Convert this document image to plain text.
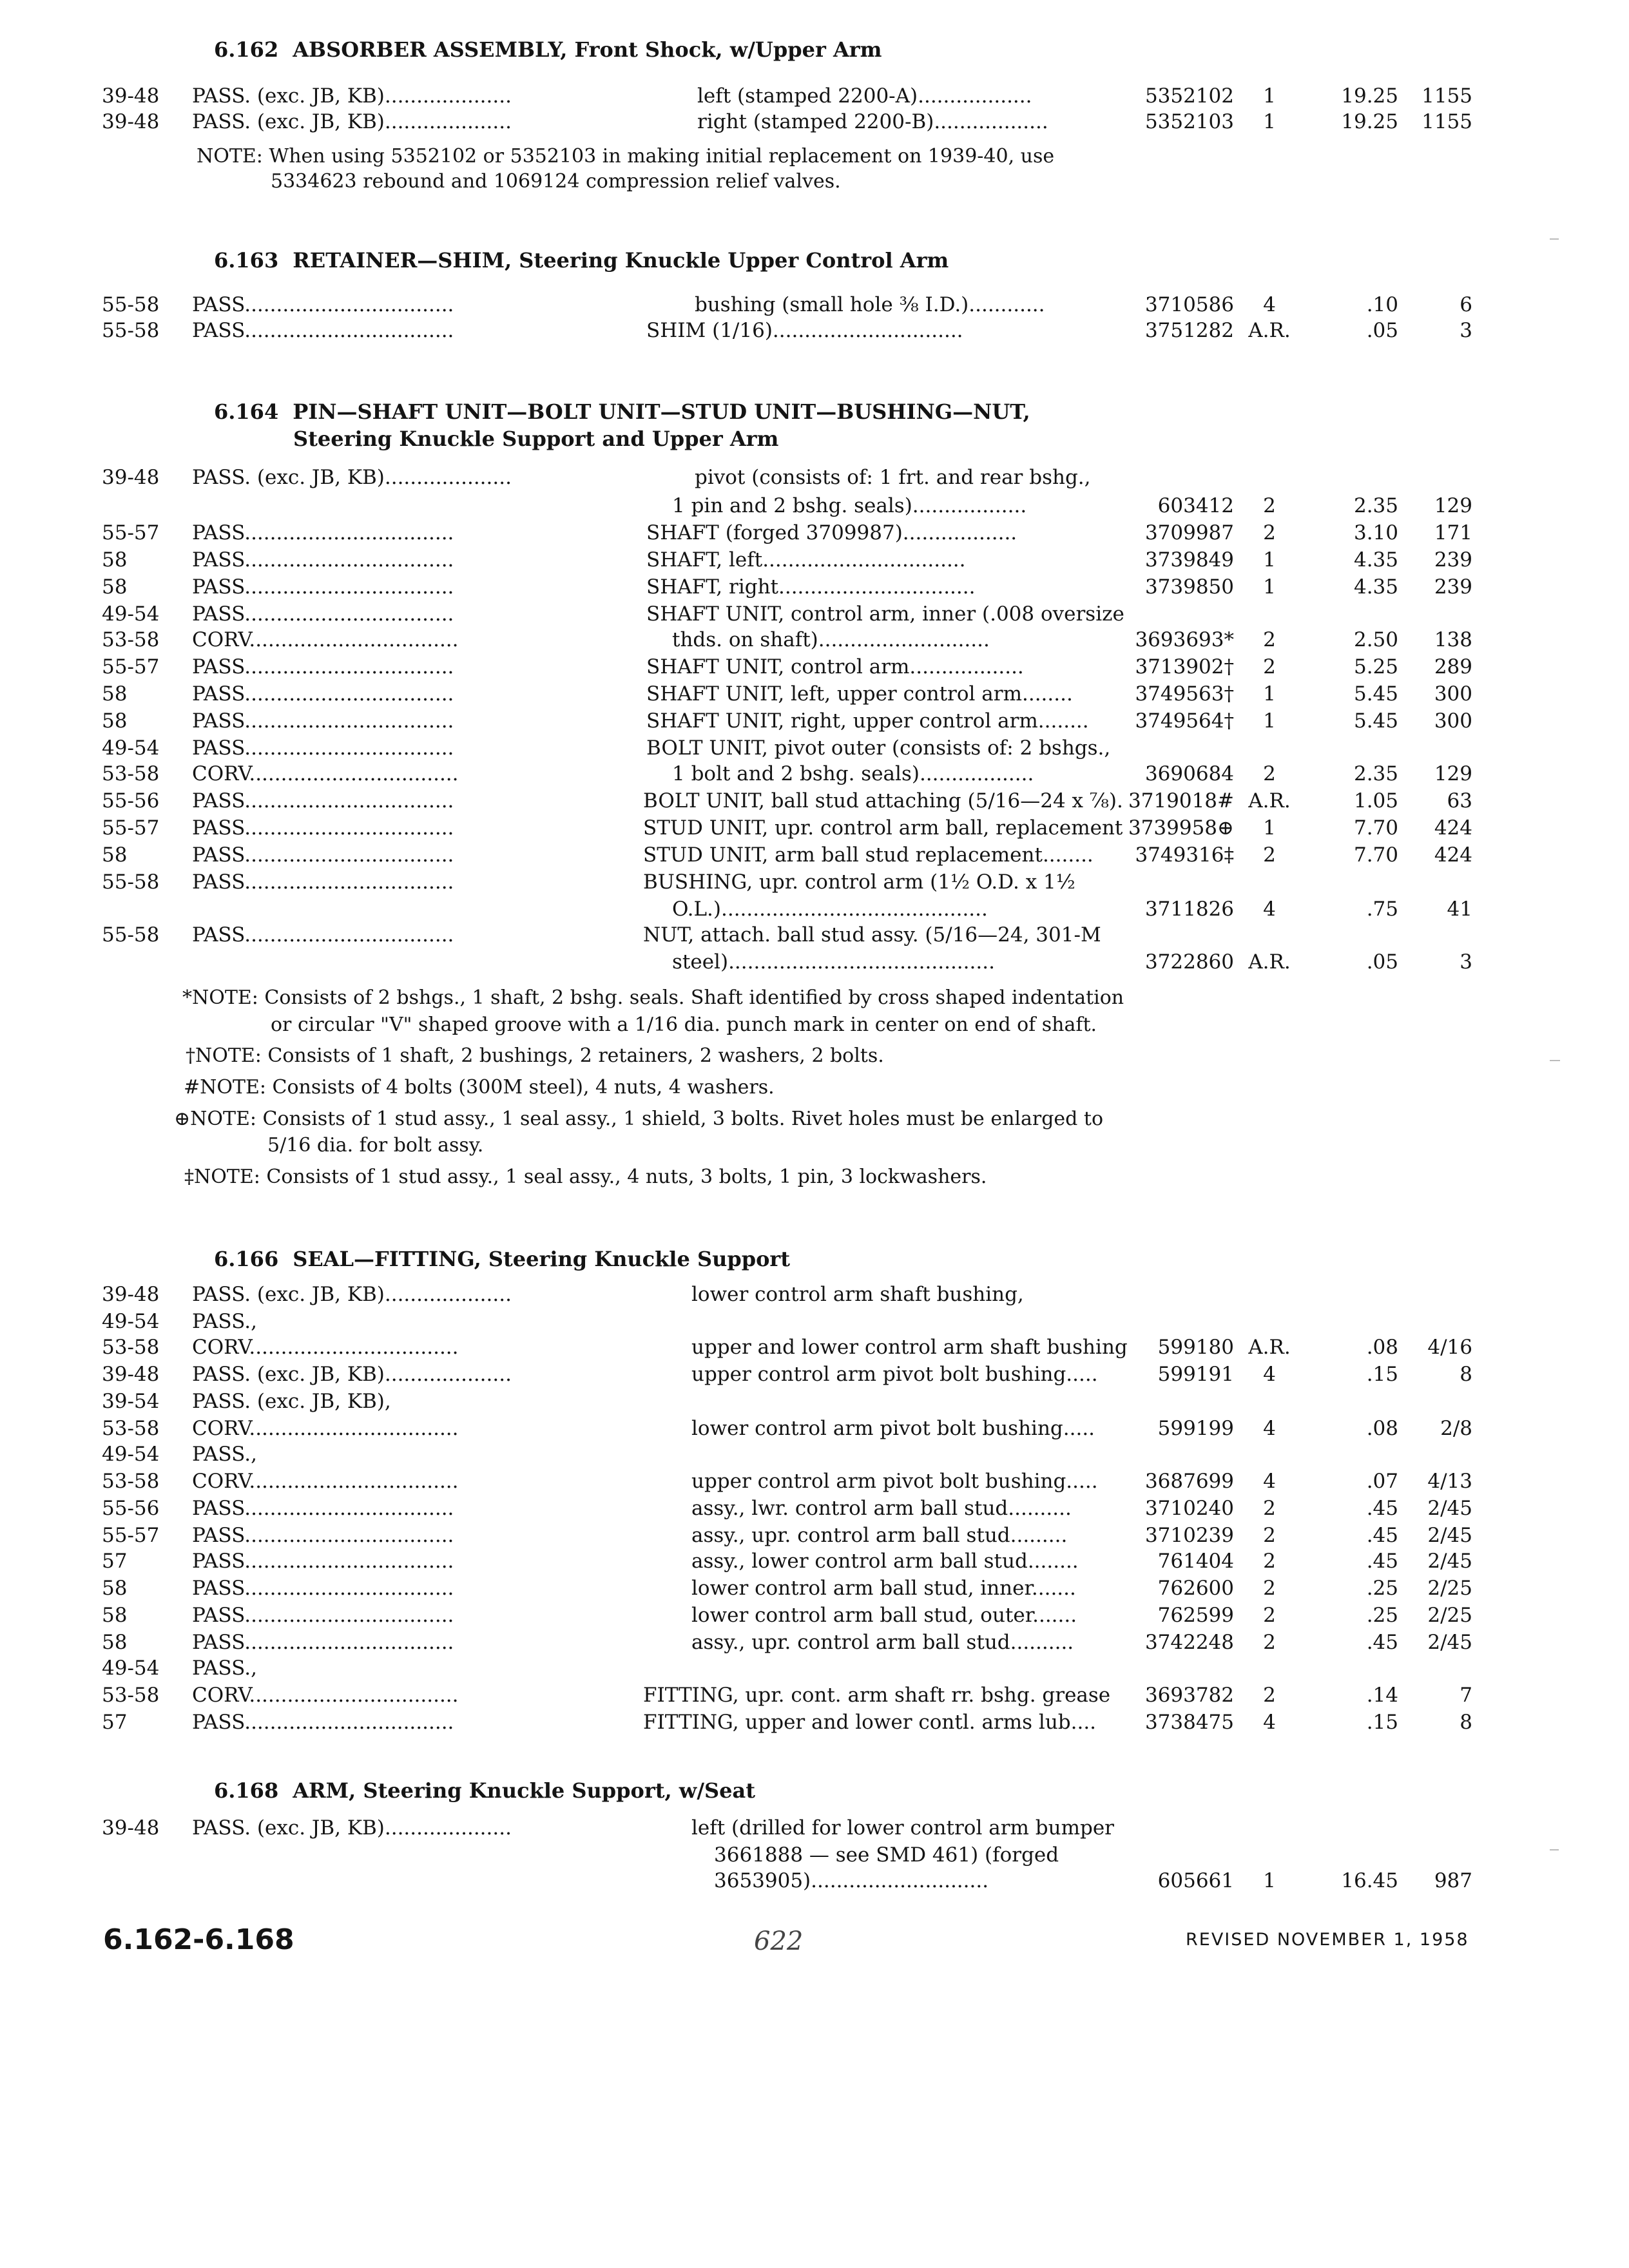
6.162 ABSORBER ASSEMBLY, Front Shock, w/Upper Arm
6.163 RETAINER—SHIM, Steering Knuckle Upper Control Arm
6.164 PIN—SHAFT UNIT—BOLT UNIT—STUD UNIT—BUSHING—NUT,
Steering Knuckle Support and Upper Arm
6.166 SEAL—FITTING, Steering Knuckle Support
6.168 ARM, Steering Knuckle Support, w/Seat
39-48	PASS. (exc. JB, KB)....................	left (stamped 2200-A)..................	5352102	1	19.25	1155
39-48	PASS. (exc. JB, KB)....................	right (stamped 2200-B)..................	5352103	1	19.25	1155
55-58	PASS.................................	bushing (small hole ⅜ I.D.)............	3710586	4	.10	6
55-58	PASS.................................	SHIM (1/16)..............................	3751282 A.R.	.05	3
39-48	PASS. (exc. JB, KB)....................	pivot (consists of: 1 frt. and rear bshg.,
1 pin and 2 bshg. seals)..................	603412	2	2.35	129
55-57	PASS.................................	SHAFT (forged 3709987)..................	3709987	2	3.10	171
58	PASS.................................	SHAFT, left................................	3739849	1	4.35	239
58	PASS.................................	SHAFT, right...............................	3739850	1	4.35	239
49-54	PASS.................................	SHAFT UNIT, control arm, inner (.008 oversize
53-58	CORV.................................	thds. on shaft)...........................	3693693*	2	2.50	138
55-57	PASS.................................	SHAFT UNIT, control arm..................	3713902†	2	5.25	289
58	PASS.................................	SHAFT UNIT, left, upper control arm........	3749563†	1	5.45	300
58	PASS.................................	SHAFT UNIT, right, upper control arm........	3749564†	1	5.45	300
49-54	PASS.................................	BOLT UNIT, pivot outer (consists of: 2 bshgs.,
53-58	CORV.................................	1 bolt and 2 bshg. seals)..................	3690684	2	2.35	129
55-56	PASS.................................	BOLT UNIT, ball stud attaching (5/16—24 x ⅞). 3719018# A.R.	1.05	63
55-57	PASS.................................	STUD UNIT, upr. control arm ball, replacement 3739958⊕	1	7.70	424
58	PASS.................................	STUD UNIT, arm ball stud replacement........	3749316‡	2	7.70	424
55-58	PASS.................................	BUSHING, upr. control arm (1½ O.D. x 1½
O.L.)..........................................	3711826	4	.75	41
55-58	PASS.................................	NUT, attach. ball stud assy. (5/16—24, 301-M
steel)..........................................	3722860 A.R.	.05	3
39-48	PASS. (exc. JB, KB)....................	lower control arm shaft bushing,
49-54	PASS.,
53-58	CORV.................................	upper and lower control arm shaft bushing	599180 A.R.	.08	4/16
39-48	PASS. (exc. JB, KB)....................	upper control arm pivot bolt bushing.....	599191	4	.15	8
39-54	PASS. (exc. JB, KB),
53-58	CORV.................................	lower control arm pivot bolt bushing.....	599199	4	.08	2/8
49-54	PASS.,
53-58	CORV.................................	upper control arm pivot bolt bushing.....	3687699	4	.07	4/13
55-56	PASS.................................	assy., lwr. control arm ball stud..........	3710240	2	.45	2/45
55-57	PASS.................................	assy., upr. control arm ball stud.........	3710239	2	.45	2/45
57	PASS.................................	assy., lower control arm ball stud........	761404	2	.45	2/45
58	PASS.................................	lower control arm ball stud, inner.......	762600	2	.25	2/25
58	PASS.................................	lower control arm ball stud, outer.......	762599	2	.25	2/25
58	PASS.................................	assy., upr. control arm ball stud..........	3742248	2	.45	2/45
49-54	PASS.,
53-58	CORV.................................	FITTING, upr. cont. arm shaft rr. bshg. grease	3693782	2	.14	7
57	PASS.................................	FITTING, upper and lower contl. arms lub....	3738475	4	.15	8
39-48	PASS. (exc. JB, KB)....................	left (drilled for lower control arm bumper
3661888 — see SMD 461) (forged
3653905)............................	605661	1	16.45	987
NOTE: When using 5352102 or 5352103 in making initial replacement on 1939-40, use
5334623 rebound and 1069124 compression relief valves.
*NOTE: Consists of 2 bshgs., 1 shaft, 2 bshg. seals. Shaft identified by cross shaped indentation
or circular "V" shaped groove with a 1/16 dia. punch mark in center on end of shaft.
†NOTE: Consists of 1 shaft, 2 bushings, 2 retainers, 2 washers, 2 bolts.
#NOTE: Consists of 4 bolts (300M steel), 4 nuts, 4 washers.
⊕NOTE: Consists of 1 stud assy., 1 seal assy., 1 shield, 3 bolts. Rivet holes must be enlarged to
5/16 dia. for bolt assy.
‡NOTE: Consists of 1 stud assy., 1 seal assy., 4 nuts, 3 bolts, 1 pin, 3 lockwashers.
6.162-6.168	622	REVISED NOVEMBER 1, 1958
